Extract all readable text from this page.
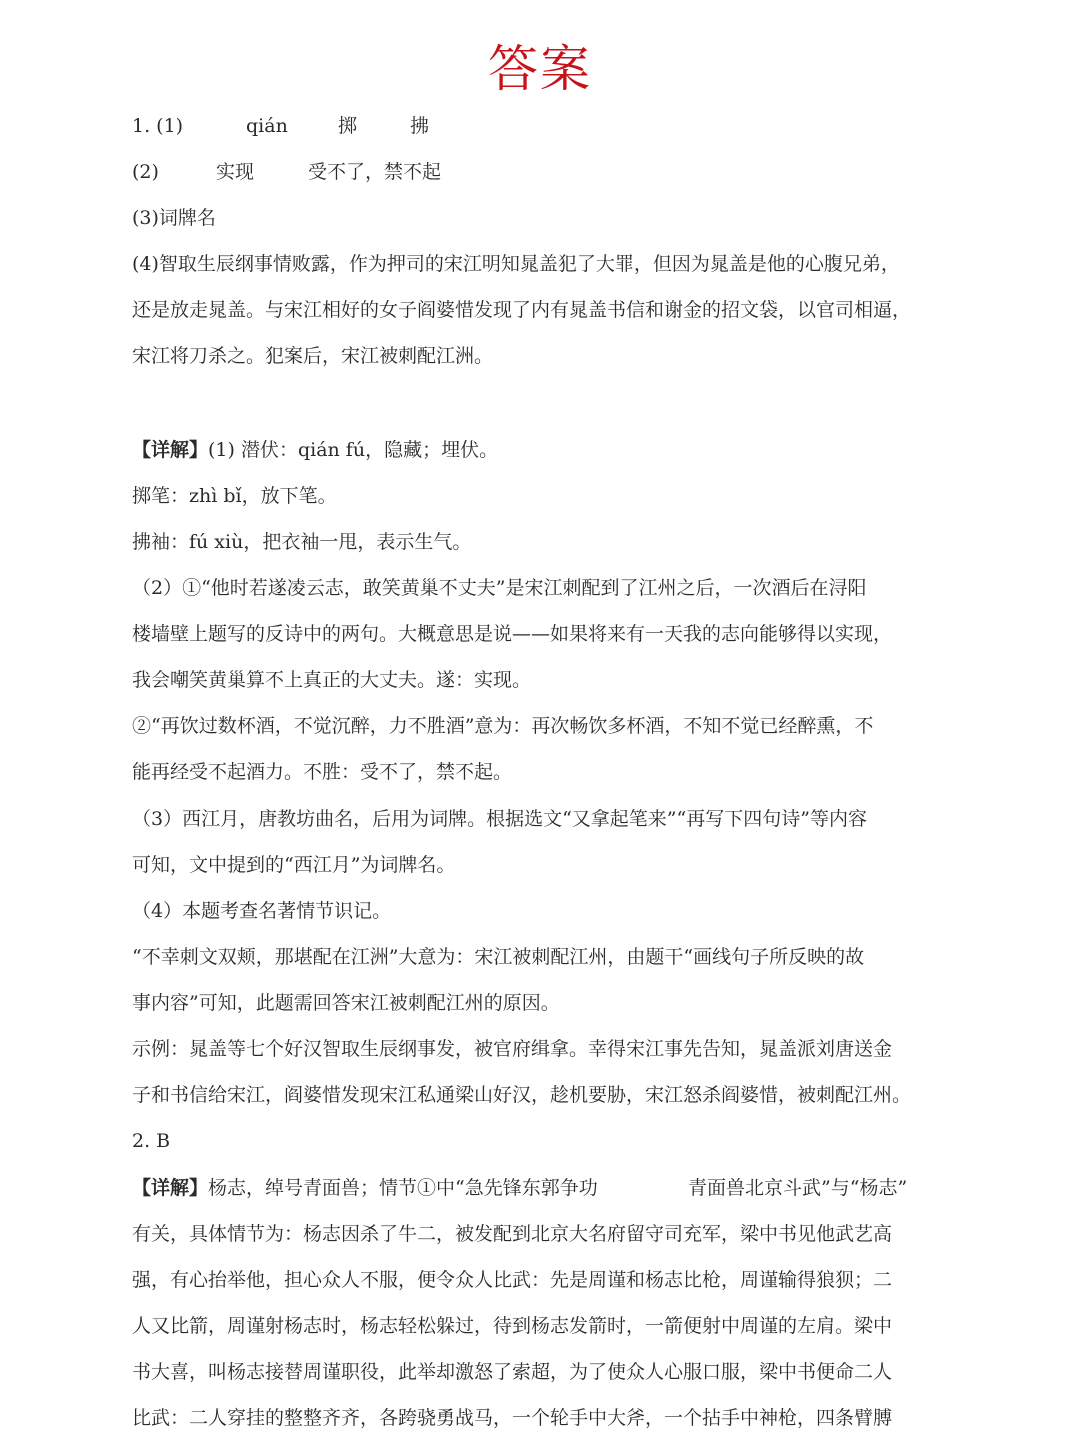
答案
1. (1)	qián	掷	拂
(2)	实现	受不了，禁不起
(3)词牌名
(4)智取生辰纲事情败露，作为押司的宋江明知晁盖犯了大罪，但因为晁盖是他的心腹兄弟，
还是放走晁盖。与宋江相好的女子阎婆惜发现了内有晁盖书信和谢金的招文袋，以官司相逼，
宋江将刀杀之。犯案后，宋江被刺配江洲。
【详解】(1) 潜伏：qián fú，隐藏；埋伏。
掷笔：zhì bǐ，放下笔。
拂袖：fú xiù，把衣袖一甩，表示生气。
（2）①“他时若遂凌云志，敢笑黄巢不丈夫”是宋江刺配到了江州之后，一次酒后在浔阳
楼墙壁上题写的反诗中的两句。大概意思是说——如果将来有一天我的志向能够得以实现，
我会嘲笑黄巢算不上真正的大丈夫。遂：实现。
②“再饮过数杯酒，不觉沉醉，力不胜酒”意为：再次畅饮多杯酒，不知不觉已经醉熏，不
能再经受不起酒力。不胜：受不了，禁不起。
（3）西江月，唐教坊曲名，后用为词牌。根据选文“又拿起笔来”“再写下四句诗”等内容
可知，文中提到的“西江月”为词牌名。
（4）本题考查名著情节识记。
“不幸刺文双颊，那堪配在江洲”大意为：宋江被刺配江州，由题干“画线句子所反映的故
事内容”可知，此题需回答宋江被刺配江州的原因。
示例：晁盖等七个好汉智取生辰纲事发，被官府缉拿。幸得宋江事先告知，晁盖派刘唐送金
子和书信给宋江，阎婆惜发现宋江私通梁山好汉，趁机要胁，宋江怒杀阎婆惜，被刺配江州。
2. B
【详解】杨志，绰号青面兽；情节①中“急先锋东郭争功	青面兽北京斗武”与“杨志”
有关，具体情节为：杨志因杀了牛二，被发配到北京大名府留守司充军，梁中书见他武艺高
强，有心抬举他，担心众人不服，便令众人比武：先是周谨和杨志比枪，周谨输得狼狈；二
人又比箭，周谨射杨志时，杨志轻松躲过，待到杨志发箭时，一箭便射中周谨的左肩。梁中
书大喜，叫杨志接替周谨职役，此举却激怒了索超，为了使众人心服口服，梁中书便命二人
比武：二人穿挂的整整齐齐，各跨骁勇战马，一个轮手中大斧，一个拈手中神枪，四条臂膊
